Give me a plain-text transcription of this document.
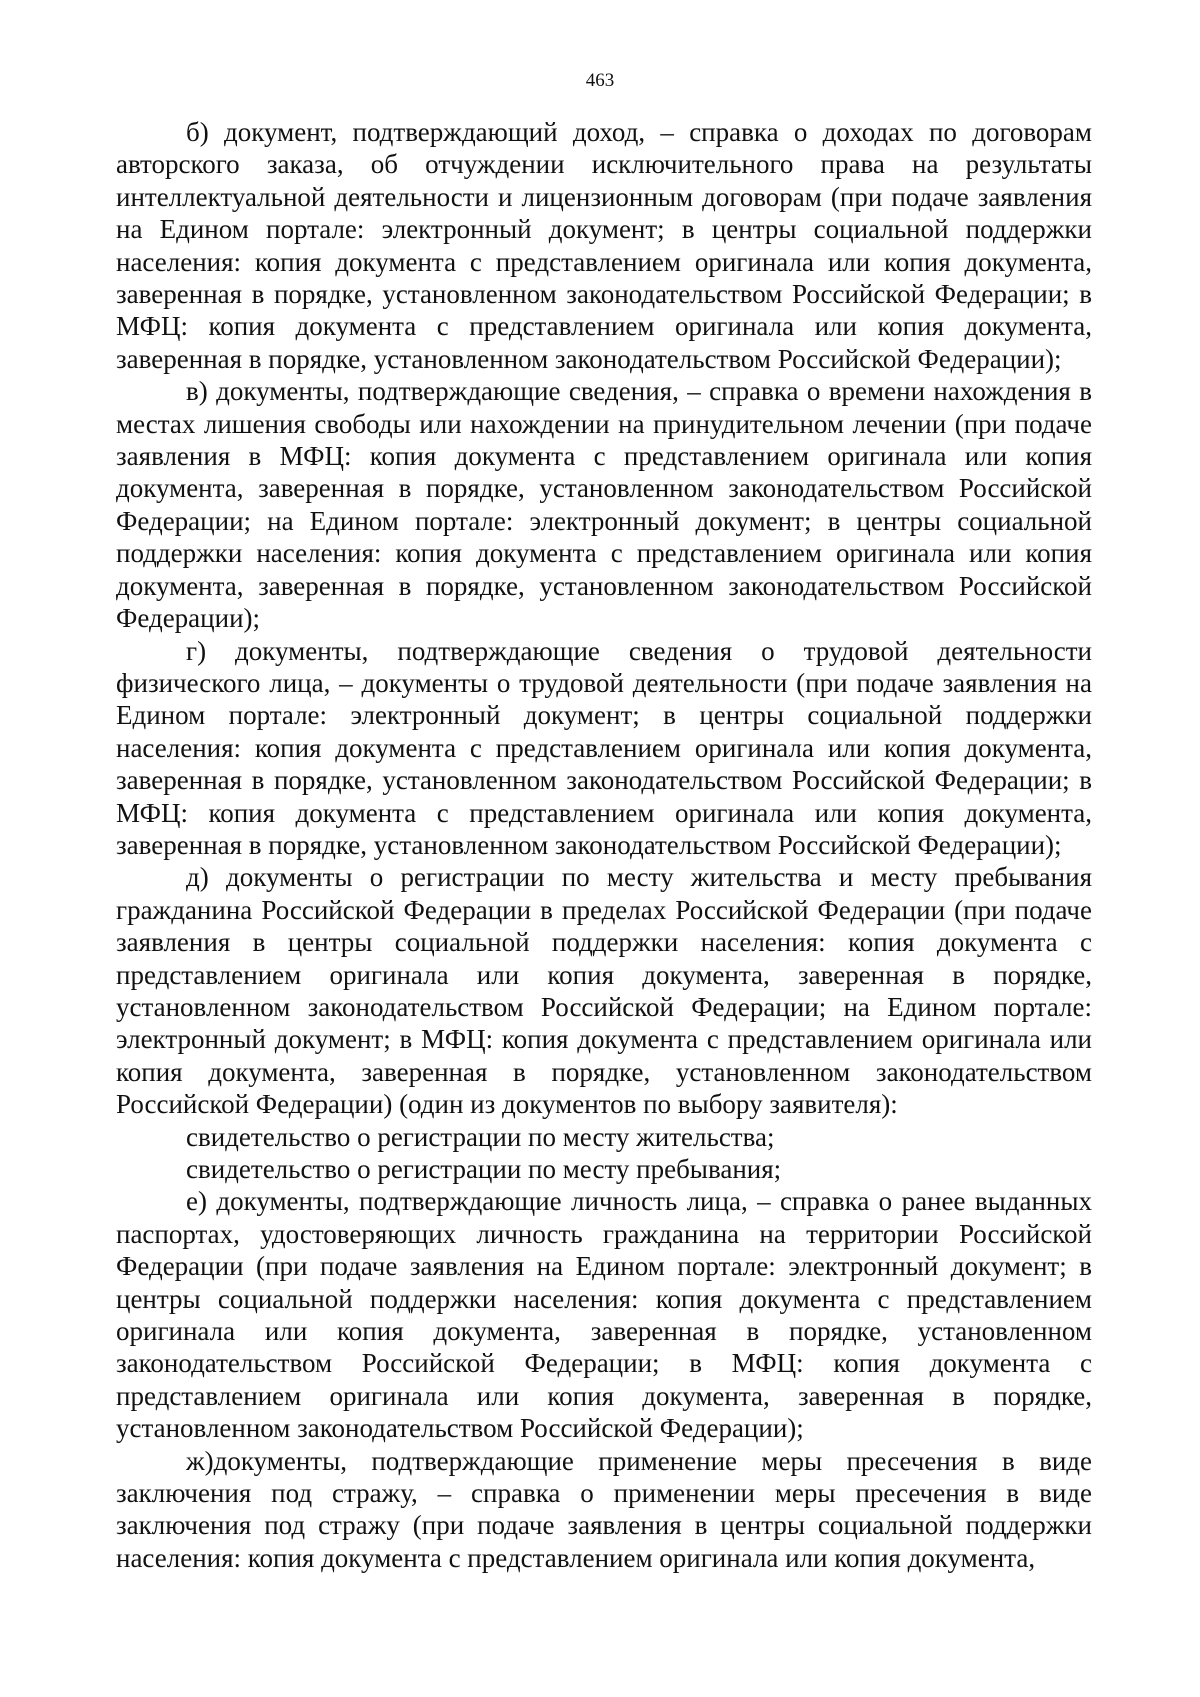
463

б) документ, подтверждающий доход, – справка о доходах по договорам авторского заказа, об отчуждении исключительного права на результаты интеллектуальной деятельности и лицензионным договорам (при подаче заявления на Едином портале: электронный документ; в центры социальной поддержки населения: копия документа с представлением оригинала или копия документа, заверенная в порядке, установленном законодательством Российской Федерации; в МФЦ: копия документа с представлением оригинала или копия документа, заверенная в порядке, установленном законодательством Российской Федерации);

в) документы, подтверждающие сведения, – справка о времени нахождения в местах лишения свободы или нахождении на принудительном лечении (при подаче заявления в МФЦ: копия документа с представлением оригинала или копия документа, заверенная в порядке, установленном законодательством Российской Федерации; на Едином портале: электронный документ; в центры социальной поддержки населения: копия документа с представлением оригинала или копия документа, заверенная в порядке, установленном законодательством Российской Федерации);

г) документы, подтверждающие сведения о трудовой деятельности физического лица, – документы о трудовой деятельности (при подаче заявления на Едином портале: электронный документ; в центры социальной поддержки населения: копия документа с представлением оригинала или копия документа, заверенная в порядке, установленном законодательством Российской Федерации; в МФЦ: копия документа с представлением оригинала или копия документа, заверенная в порядке, установленном законодательством Российской Федерации);

д) документы о регистрации по месту жительства и месту пребывания гражданина Российской Федерации в пределах Российской Федерации (при подаче заявления в центры социальной поддержки населения: копия документа с представлением оригинала или копия документа, заверенная в порядке, установленном законодательством Российской Федерации; на Едином портале: электронный документ; в МФЦ: копия документа с представлением оригинала или копия документа, заверенная в порядке, установленном законодательством Российской Федерации) (один из документов по выбору заявителя):

свидетельство о регистрации по месту жительства;

свидетельство о регистрации по месту пребывания;

е) документы, подтверждающие личность лица, – справка о ранее выданных паспортах, удостоверяющих личность гражданина на территории Российской Федерации (при подаче заявления на Едином портале: электронный документ; в центры социальной поддержки населения: копия документа с представлением оригинала или копия документа, заверенная в порядке, установленном законодательством Российской Федерации; в МФЦ: копия документа с представлением оригинала или копия документа, заверенная в порядке, установленном законодательством Российской Федерации);

ж)документы, подтверждающие применение меры пресечения в виде заключения под стражу, – справка о применении меры пресечения в виде заключения под стражу (при подаче заявления в центры социальной поддержки населения: копия документа с представлением оригинала или копия документа,
